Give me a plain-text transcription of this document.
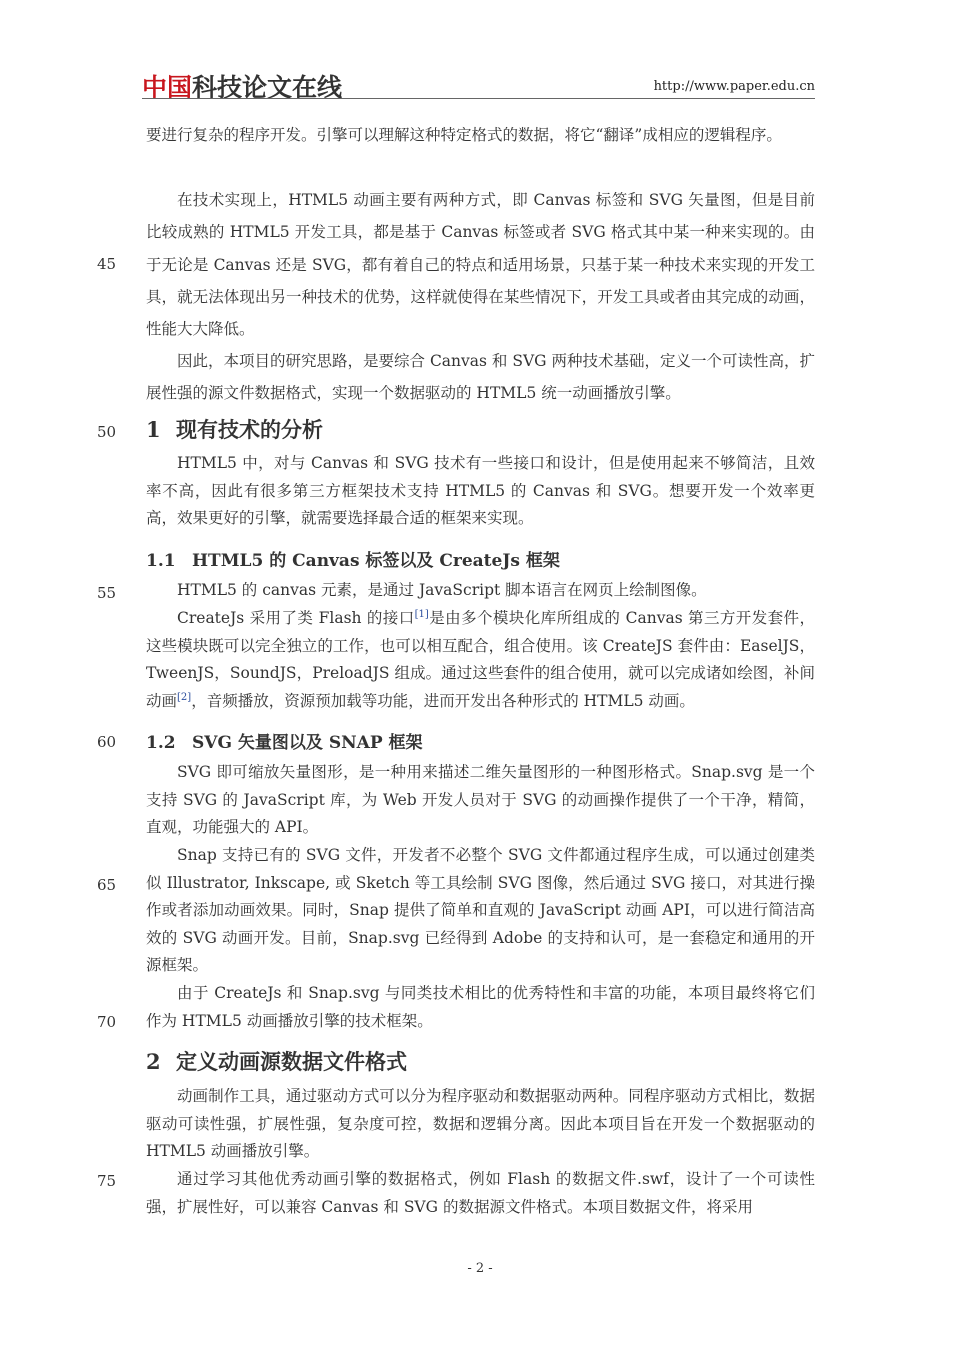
中国科技论文在线	http://www.paper.edu.cn
45
50
55
60
65
70
75

要进行复杂的程序开发。引擎可以理解这种特定格式的数据，将它“翻译”成相应的逻辑程序。

在技术实现上，HTML5 动画主要有两种方式，即 Canvas 标签和 SVG 矢量图，但是目前比较成熟的 HTML5 开发工具，都是基于 Canvas 标签或者 SVG 格式其中某一种来实现的。由于无论是 Canvas 还是 SVG，都有着自己的特点和适用场景，只基于某一种技术来实现的开发工具，就无法体现出另一种技术的优势，这样就使得在某些情况下，开发工具或者由其完成的动画，性能大大降低。

因此，本项目的研究思路，是要综合 Canvas 和 SVG 两种技术基础，定义一个可读性高，扩展性强的源文件数据格式，实现一个数据驱动的 HTML5 统一动画播放引擎。

1 现有技术的分析

HTML5 中，对与 Canvas 和 SVG 技术有一些接口和设计，但是使用起来不够简洁，且效率不高，因此有很多第三方框架技术支持 HTML5 的 Canvas 和 SVG。想要开发一个效率更高，效果更好的引擎，就需要选择最合适的框架来实现。

1.1 HTML5 的 Canvas 标签以及 CreateJs 框架

HTML5 的 canvas 元素，是通过 JavaScript 脚本语言在网页上绘制图像。

CreateJs 采用了类 Flash 的接口[1]是由多个模块化库所组成的 Canvas 第三方开发套件，这些模块既可以完全独立的工作，也可以相互配合，组合使用。该 CreateJS 套件由：EaselJS，TweenJS，SoundJS，PreloadJS 组成。通过这些套件的组合使用，就可以完成诸如绘图，补间动画[2]，音频播放，资源预加载等功能，进而开发出各种形式的 HTML5 动画。

1.2 SVG 矢量图以及 SNAP 框架

SVG 即可缩放矢量图形，是一种用来描述二维矢量图形的一种图形格式。Snap.svg 是一个支持 SVG 的 JavaScript 库，为 Web 开发人员对于 SVG 的动画操作提供了一个干净，精简，直观，功能强大的 API。

Snap 支持已有的 SVG 文件，开发者不必整个 SVG 文件都通过程序生成，可以通过创建类似 Illustrator, Inkscape, 或 Sketch 等工具绘制 SVG 图像，然后通过 SVG 接口，对其进行操作或者添加动画效果。同时，Snap 提供了简单和直观的 JavaScript 动画 API，可以进行简洁高效的 SVG 动画开发。目前，Snap.svg 已经得到 Adobe 的支持和认可，是一套稳定和通用的开源框架。

由于 CreateJs 和 Snap.svg 与同类技术相比的优秀特性和丰富的功能，本项目最终将它们作为 HTML5 动画播放引擎的技术框架。

2 定义动画源数据文件格式

动画制作工具，通过驱动方式可以分为程序驱动和数据驱动两种。同程序驱动方式相比，数据驱动可读性强，扩展性强，复杂度可控，数据和逻辑分离。因此本项目旨在开发一个数据驱动的 HTML5 动画播放引擎。

通过学习其他优秀动画引擎的数据格式，例如 Flash 的数据文件.swf，设计了一个可读性强，扩展性好，可以兼容 Canvas 和 SVG 的数据源文件格式。本项目数据文件，将采用

- 2 -
